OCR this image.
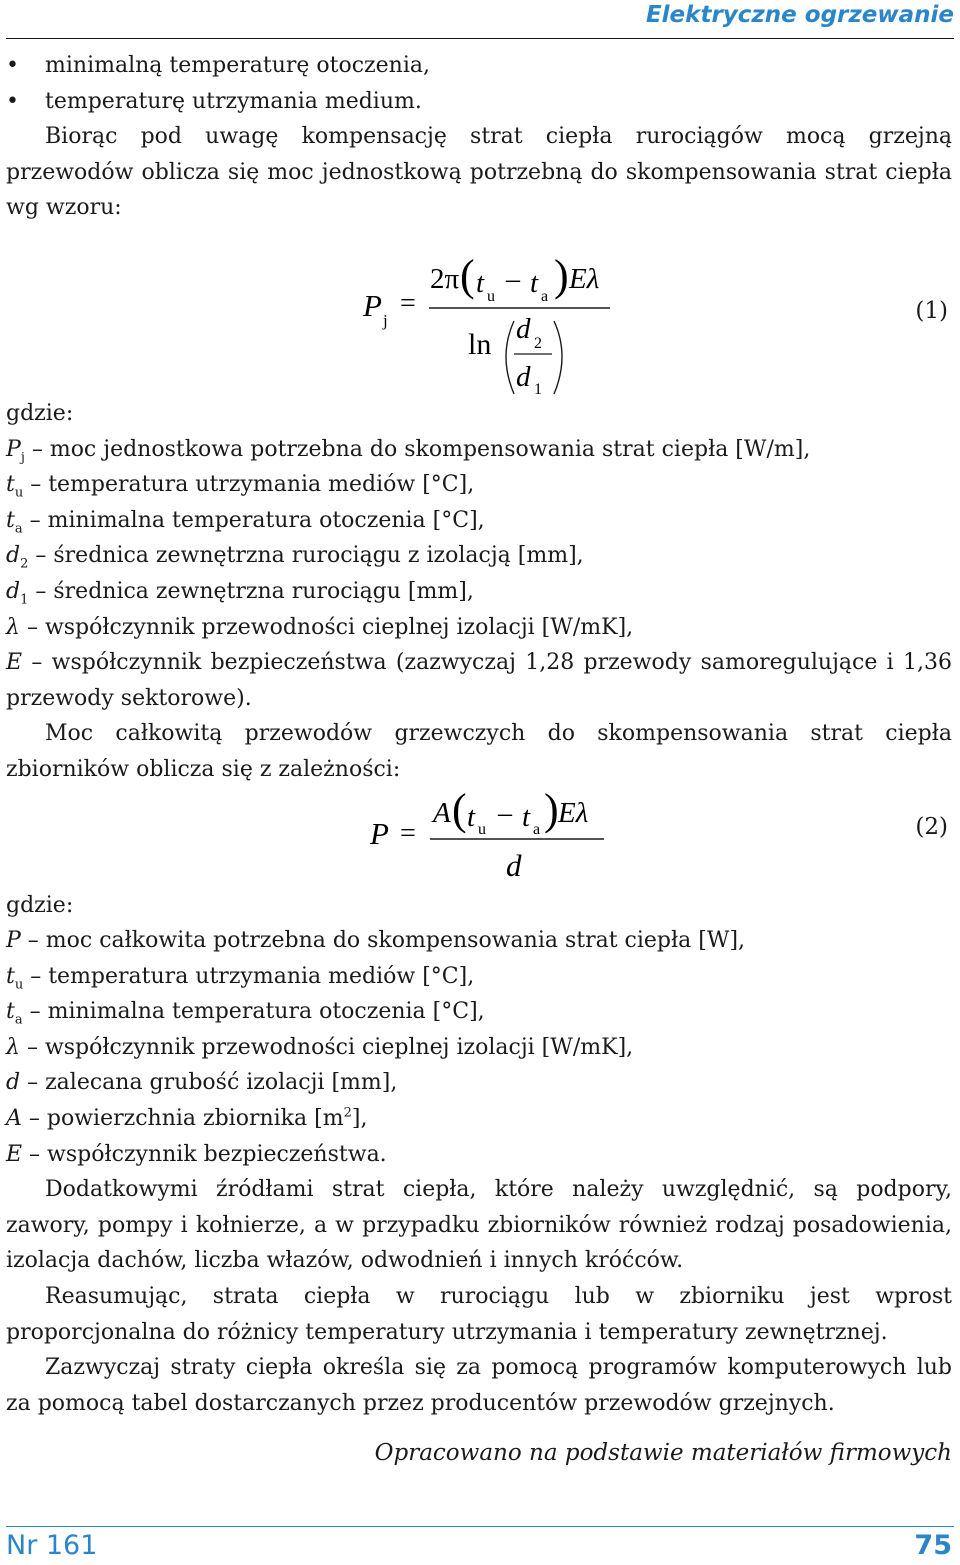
Elektryczne ogrzewanie

• minimalną temperaturę otoczenia,

• temperaturę utrzymania medium.

Biorąc pod uwagę kompensację strat ciepła rurociągów mocą grzejną przewodów oblicza się moc jednostkową potrzebną do skompensowania strat ciepła wg wzoru:

P j
=
2π ( t u
– t a ) Eλ
ln d 2
d 1
(1)

gdzie:

$P_j$ – moc jednostkowa potrzebna do skompensowania strat ciepła [W/m],

$t_u$ – temperatura utrzymania mediów [°C],

$t_a$ – minimalna temperatura otoczenia [°C],

$d_2$ – średnica zewnętrzna rurociągu z izolacją [mm],

$d_1$ – średnica zewnętrzna rurociągu [mm],

λ – współczynnik przewodności cieplnej izolacji [W/mK],

E – współczynnik bezpieczeństwa (zazwyczaj 1,28 przewody samoregulujące i 1,36 przewody sektorowe).

Moc całkowitą przewodów grzewczych do skompensowania strat ciepła zbiorników oblicza się z zależności:

P =
A ( t u
– t a ) Eλ
d
(2)

gdzie:

P – moc całkowita potrzebna do skompensowania strat ciepła [W],

$t_u$ – temperatura utrzymania mediów [°C],

$t_a$ – minimalna temperatura otoczenia [°C],

λ – współczynnik przewodności cieplnej izolacji [W/mK],

d – zalecana grubość izolacji [mm],

A – powierzchnia zbiornika $[m^2]$,

E – współczynnik bezpieczeństwa.

Dodatkowymi źródłami strat ciepła, które należy uwzględnić, są podpory, zawory, pompy i kołnierze, a w przypadku zbiorników również rodzaj posadowienia, izolacja dachów, liczba włazów, odwodnień i innych króćców.

Reasumując, strata ciepła w rurociągu lub w zbiorniku jest wprost proporcjonalna do różnicy temperatury utrzymania i temperatury zewnętrznej.

Zazwyczaj straty ciepła określa się za pomocą programów komputerowych lub za pomocą tabel dostarczanych przez producentów przewodów grzejnych.

Opracowano na podstawie materiałów firmowych
Nr 161	75
